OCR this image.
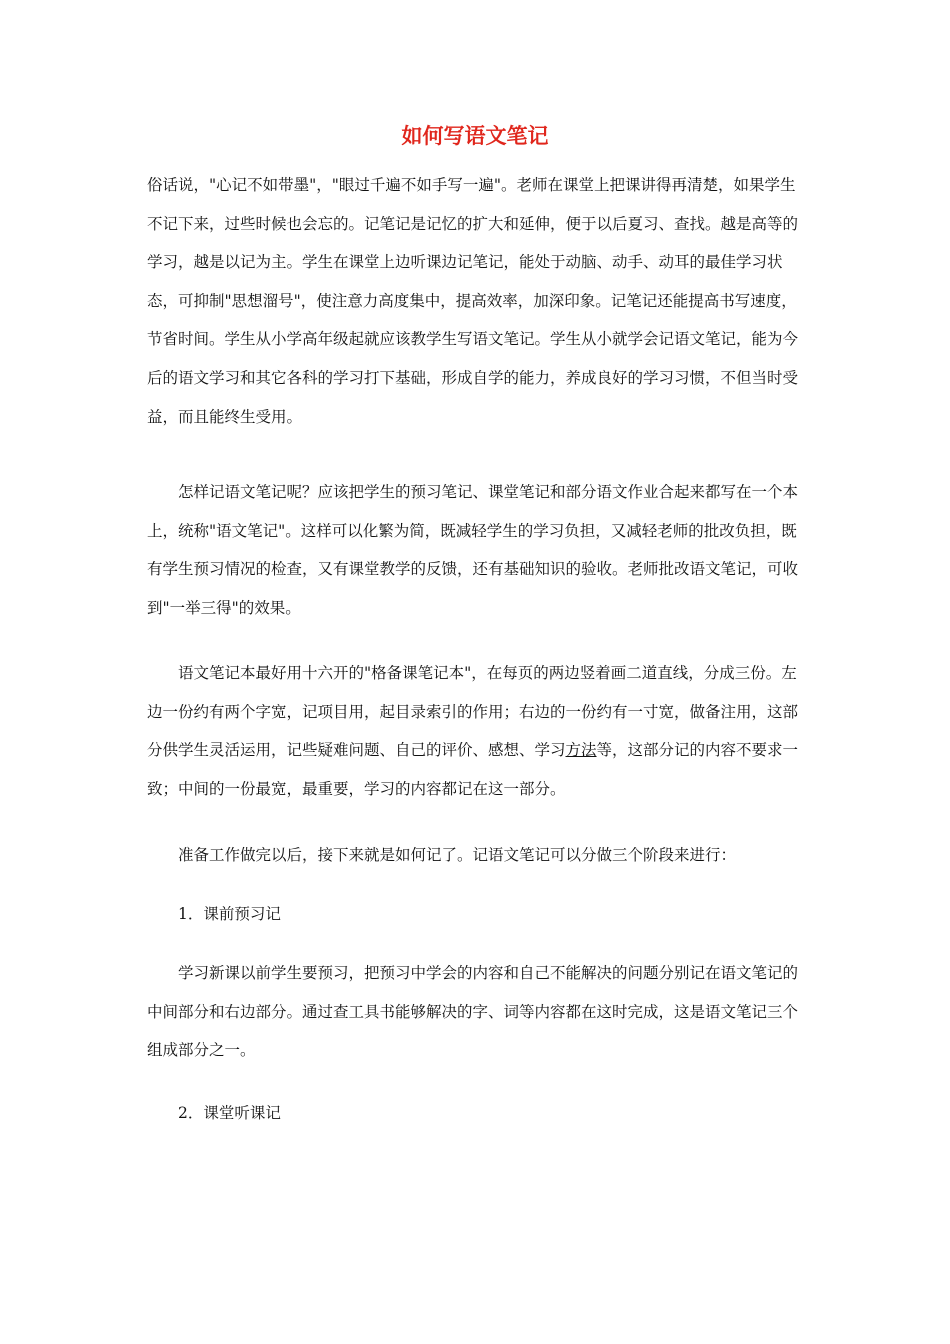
如何写语文笔记

俗话说，"心记不如带墨"，"眼过千遍不如手写一遍"。老师在课堂上把课讲得再清楚，如果学生不记下来，过些时候也会忘的。记笔记是记忆的扩大和延伸，便于以后夏习、查找。越是高等的学习，越是以记为主。学生在课堂上边听课边记笔记，能处于动脑、动手、动耳的最佳学习状态，可抑制"思想溜号"，使注意力高度集中，提高效率，加深印象。记笔记还能提高书写速度，节省时间。学生从小学高年级起就应该教学生写语文笔记。学生从小就学会记语文笔记，能为今后的语文学习和其它各科的学习打下基础，形成自学的能力，养成良好的学习习惯，不但当时受益，而且能终生受用。

怎样记语文笔记呢？应该把学生的预习笔记、课堂笔记和部分语文作业合起来都写在一个本上，统称"语文笔记"。这样可以化繁为简，既减轻学生的学习负担，又减轻老师的批改负担，既有学生预习情况的检查，又有课堂教学的反馈，还有基础知识的验收。老师批改语文笔记，可收到"一举三得"的效果。

语文笔记本最好用十六开的"格备课笔记本"，在每页的两边竖着画二道直线，分成三份。左边一份约有两个字宽，记项目用，起目录索引的作用；右边的一份约有一寸宽，做备注用，这部分供学生灵活运用，记些疑难问题、自己的评价、感想、学习方法等，这部分记的内容不要求一致；中间的一份最宽，最重要，学习的内容都记在这一部分。

准备工作做完以后，接下来就是如何记了。记语文笔记可以分做三个阶段来进行：

1．课前预习记

学习新课以前学生要预习，把预习中学会的内容和自己不能解决的问题分别记在语文笔记的中间部分和右边部分。通过查工具书能够解决的字、词等内容都在这时完成，这是语文笔记三个组成部分之一。

2．课堂听课记
